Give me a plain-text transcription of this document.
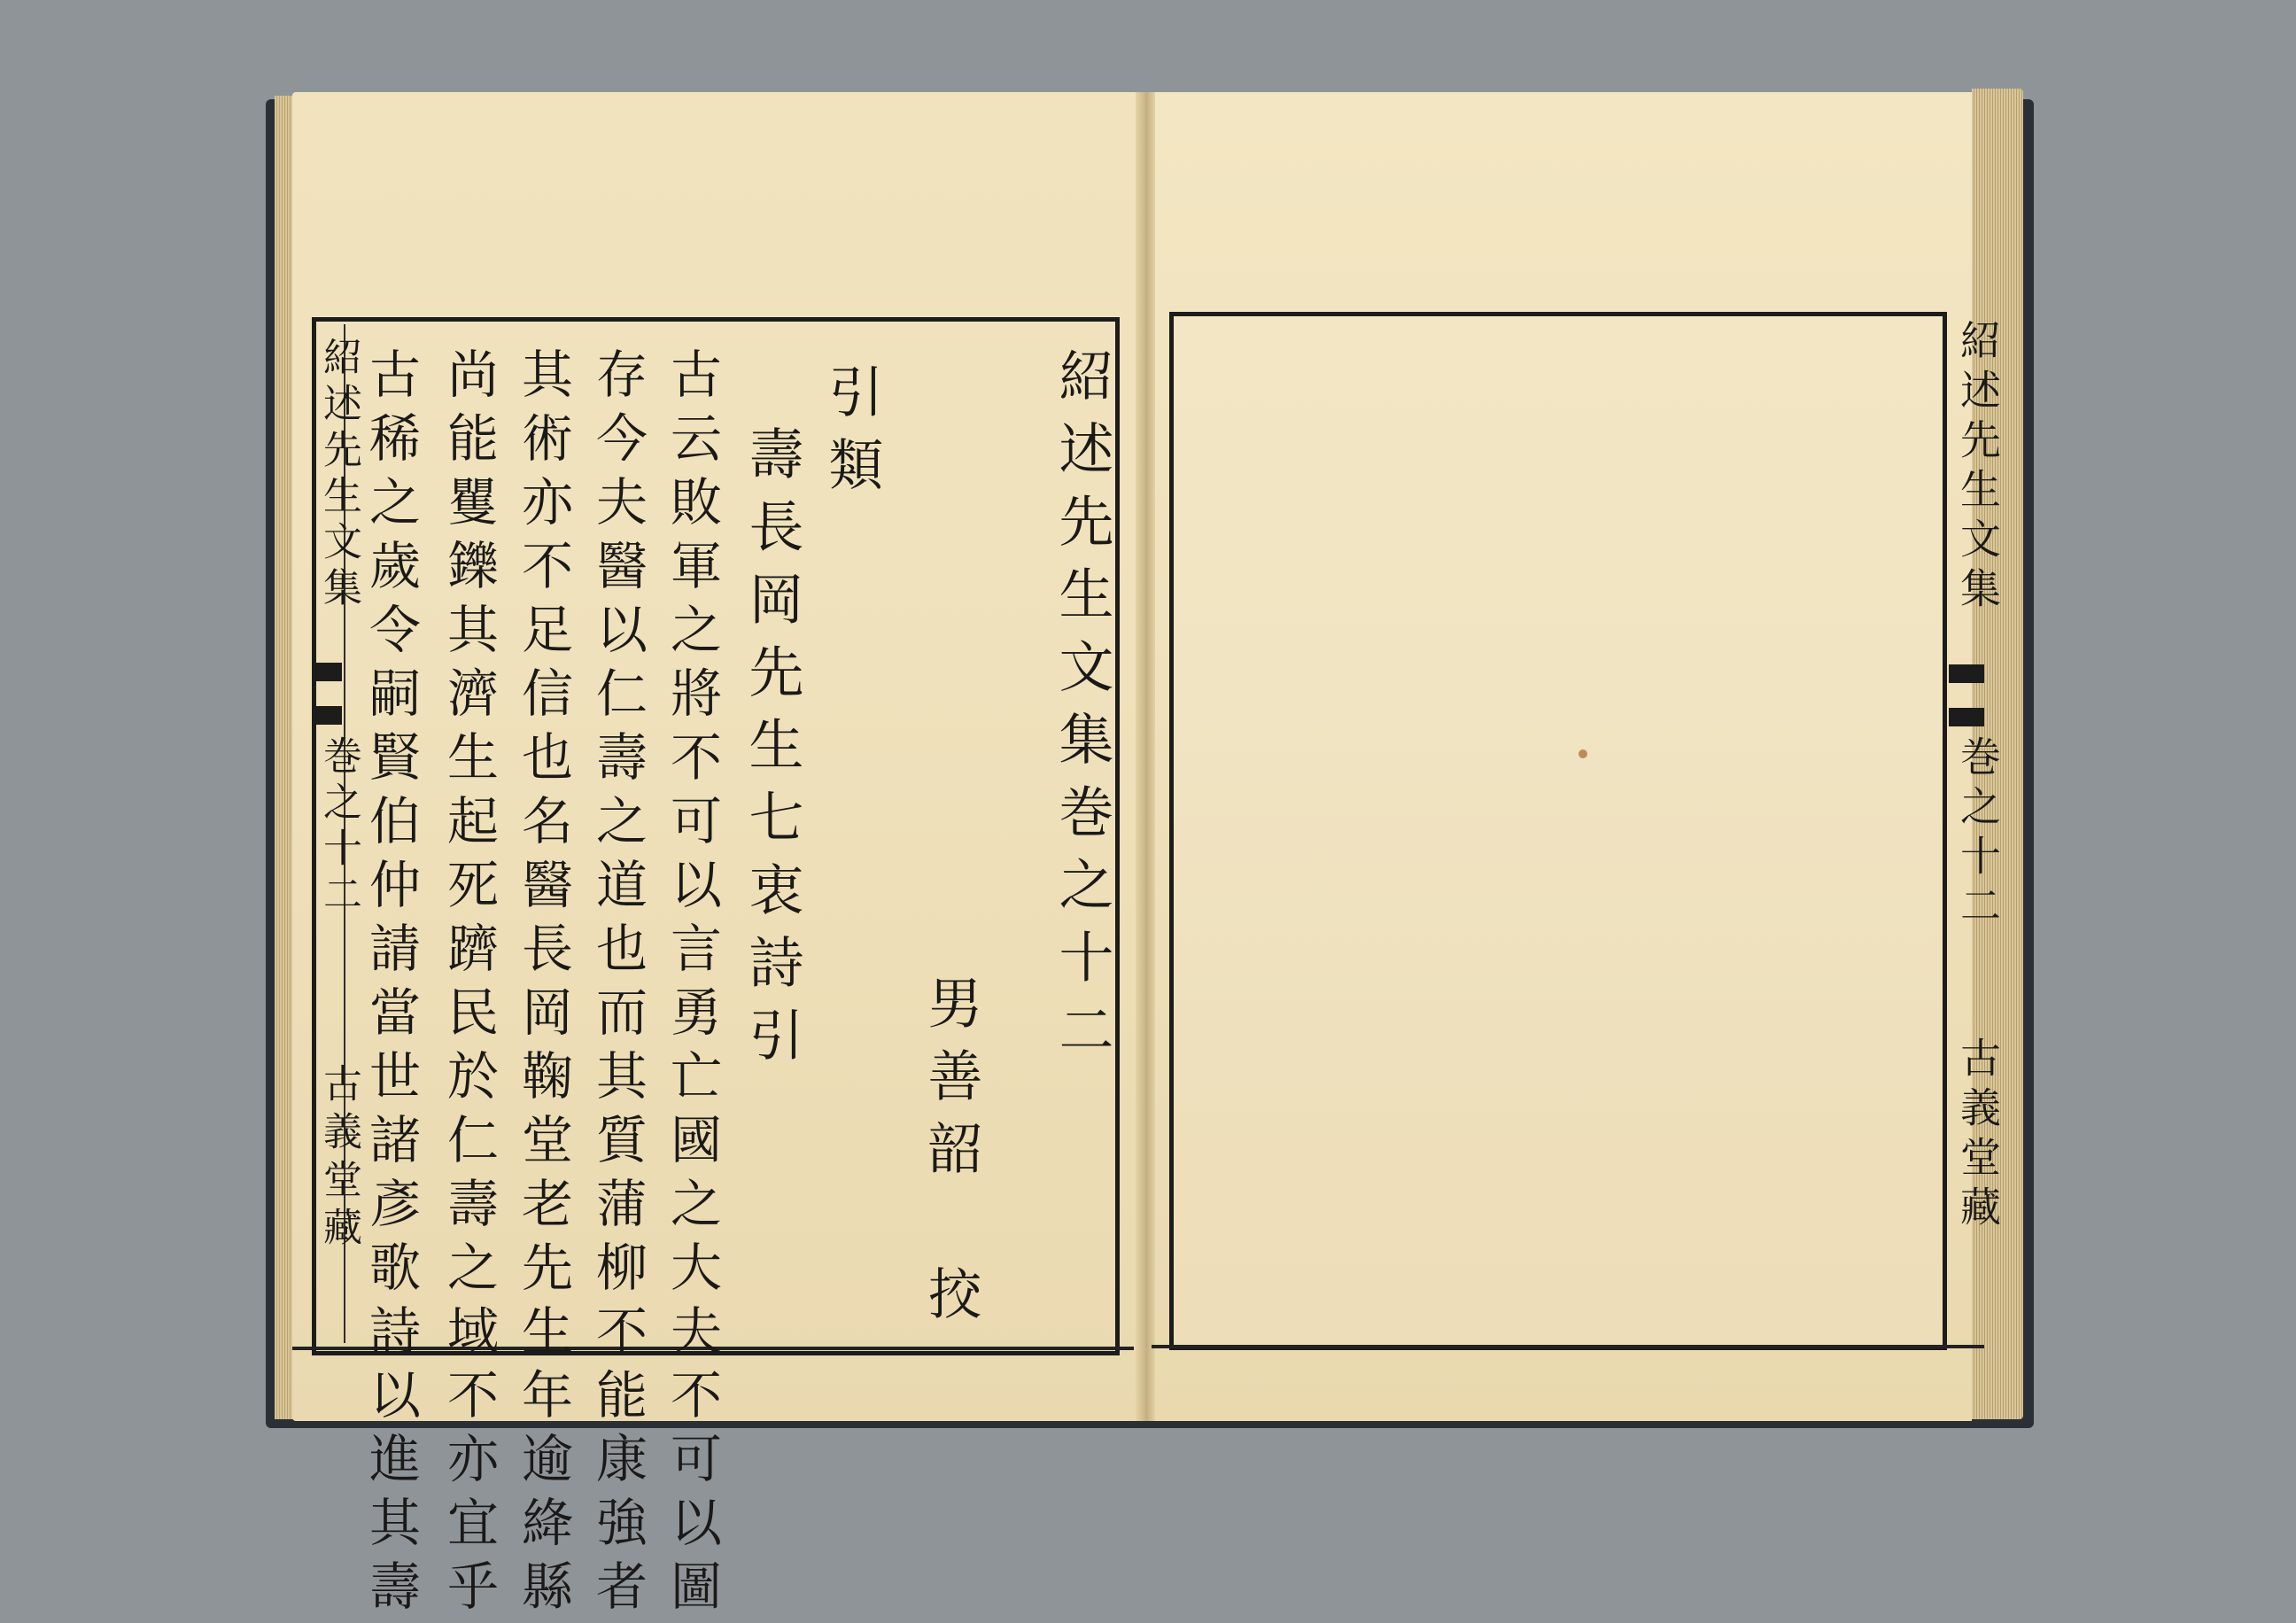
紹述先生文集
巻之十二
古義堂藏
紹述先生文集巻之十二
引類
壽長岡先生七衷詩引
男善韶　挍
古云敗軍之將不可以言勇亡國之大夫不可以圖
存今夫醫以仁壽之道也而其質蒲柳不能康強者
其術亦不足信也名醫長岡鞠堂老先生年逾絳縣
尚能矍鑠其濟生起死躋民於仁壽之域不亦宜乎
古稀之歲令嗣賢伯仲請當世諸彥歌詩以進其壽	紹述先生文集
巻之十二
古義堂藏
